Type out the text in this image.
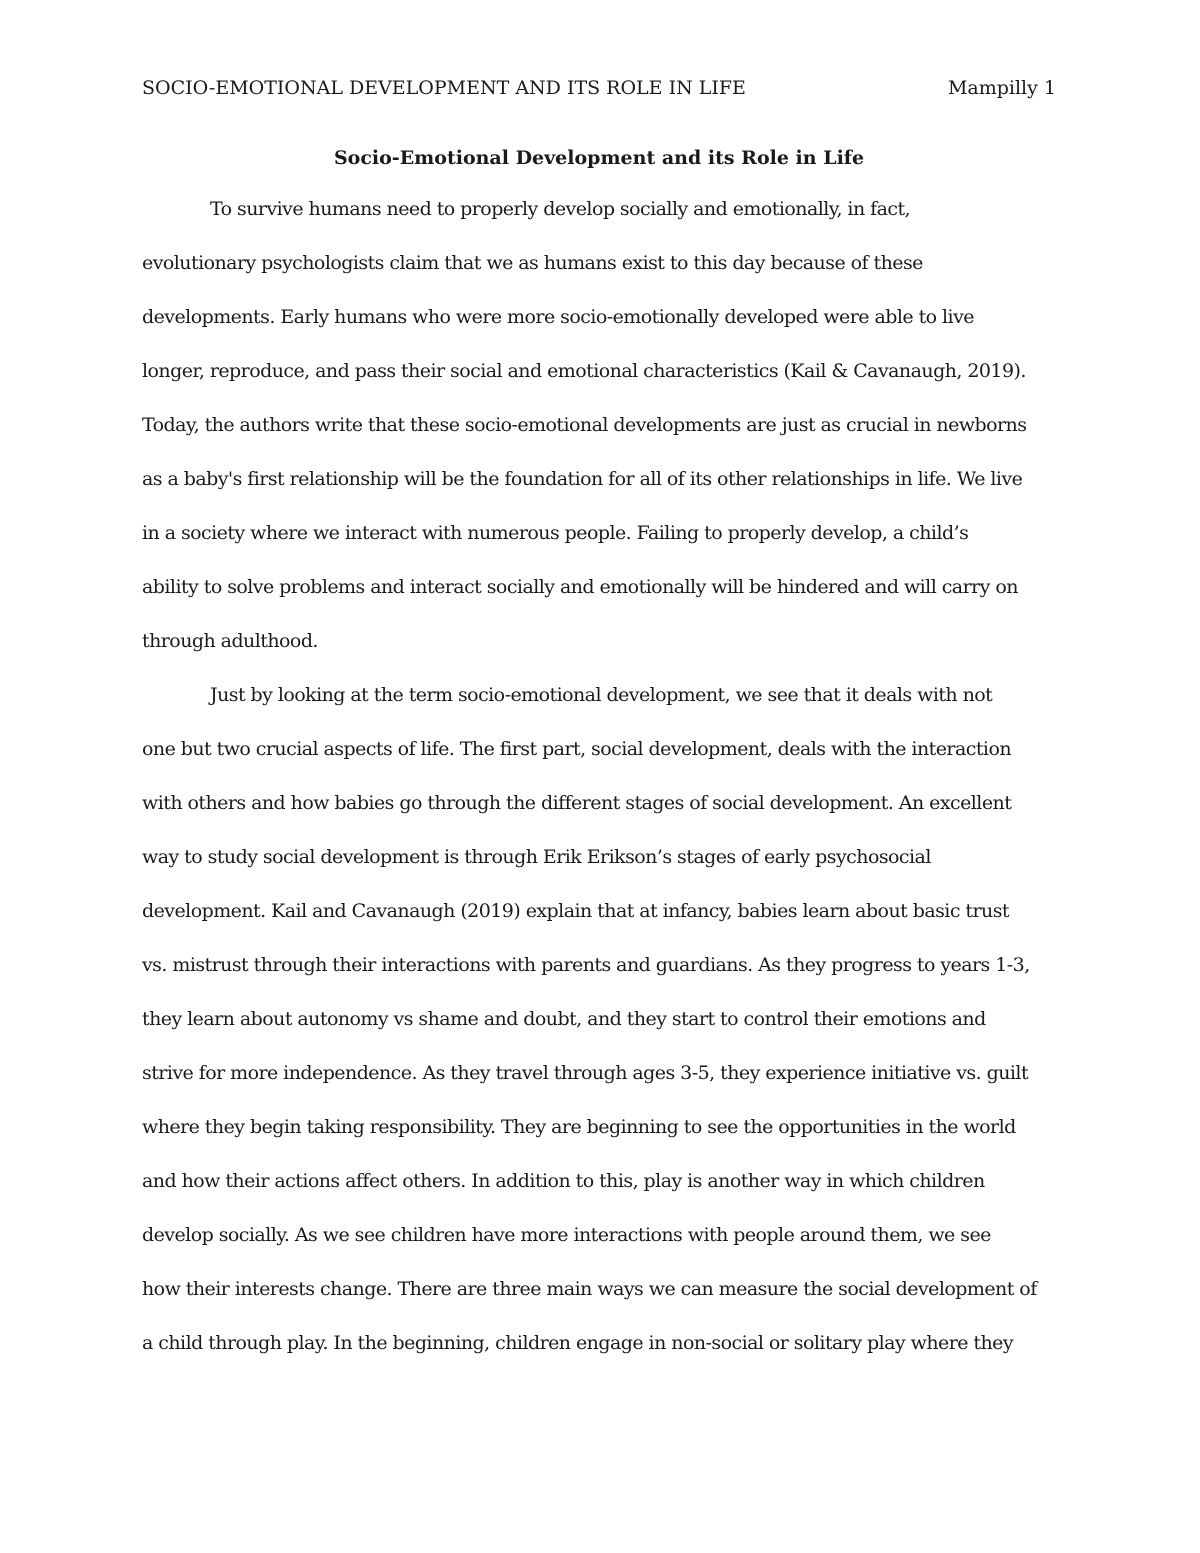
SOCIO-EMOTIONAL DEVELOPMENT AND ITS ROLE IN LIFE	Mampilly 1
Socio-Emotional Development and its Role in Life
To survive humans need to properly develop socially and emotionally, in fact,
evolutionary psychologists claim that we as humans exist to this day because of these
developments. Early humans who were more socio-emotionally developed were able to live
longer, reproduce, and pass their social and emotional characteristics (Kail & Cavanaugh, 2019).
Today, the authors write that these socio-emotional developments are just as crucial in newborns
as a baby's first relationship will be the foundation for all of its other relationships in life. We live
in a society where we interact with numerous people. Failing to properly develop, a child’s
ability to solve problems and interact socially and emotionally will be hindered and will carry on
through adulthood.
Just by looking at the term socio-emotional development, we see that it deals with not
one but two crucial aspects of life. The first part, social development, deals with the interaction
with others and how babies go through the different stages of social development. An excellent
way to study social development is through Erik Erikson’s stages of early psychosocial
development. Kail and Cavanaugh (2019) explain that at infancy, babies learn about basic trust
vs. mistrust through their interactions with parents and guardians. As they progress to years 1-3,
they learn about autonomy vs shame and doubt, and they start to control their emotions and
strive for more independence. As they travel through ages 3-5, they experience initiative vs. guilt
where they begin taking responsibility. They are beginning to see the opportunities in the world
and how their actions affect others. In addition to this, play is another way in which children
develop socially. As we see children have more interactions with people around them, we see
how their interests change. There are three main ways we can measure the social development of
a child through play. In the beginning, children engage in non-social or solitary play where they
